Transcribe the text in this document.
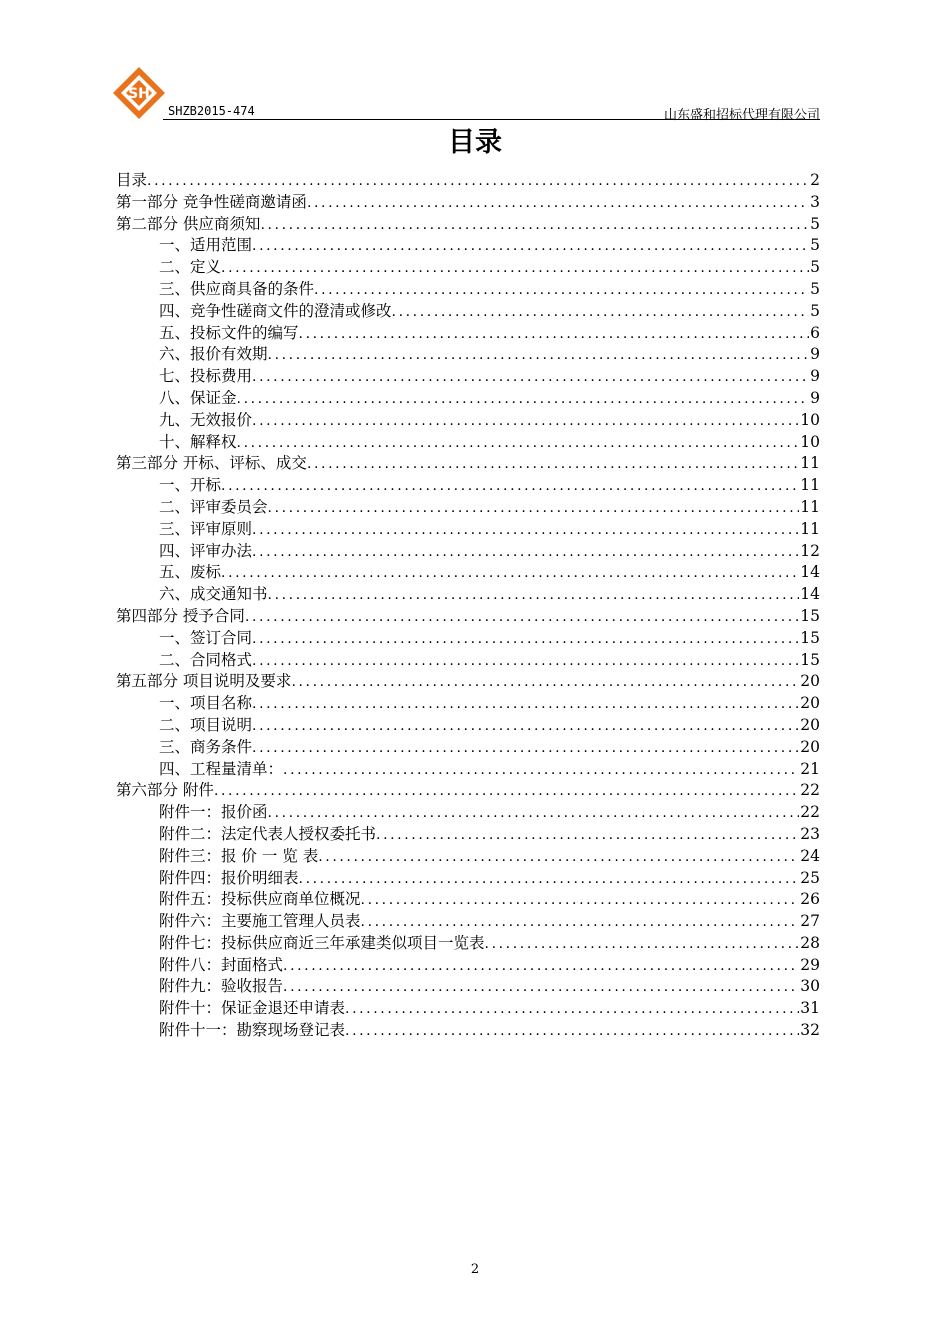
SH
SHZB2015-474	山东盛和招标代理有限公司
目录
目录 .....	2
第一部分 竞争性磋商邀请函 .....	3
第二部分 供应商须知 .....	5
一、适用范围 .....	5
二、定义 .....	5
三、供应商具备的条件 .....	5
四、竞争性磋商文件的澄清或修改 .....	5
五、投标文件的编写 .....	6
六、报价有效期 .....	9
七、投标费用 .....	9
八、保证金 .....	9
九、无效报价 .....	10
十、解释权 .....	10
第三部分 开标、评标、成交 .....	11
一、开标 .....	11
二、评审委员会 .....	11
三、评审原则 .....	11
四、评审办法 .....	12
五、废标 .....	14
六、成交通知书 .....	14
第四部分 授予合同 .....	15
一、签订合同 .....	15
二、合同格式 .....	15
第五部分 项目说明及要求 .....	20
一、项目名称 .....	20
二、项目说明 .....	20
三、商务条件 .....	20
四、工程量清单： .....	21
第六部分 附件 .....	22
附件一：报价函 .....	22
附件二：法定代表人授权委托书 .....	23
附件三：报 价 一 览 表 .....	24
附件四：报价明细表 .....	25
附件五：投标供应商单位概况 .....	26
附件六：主要施工管理人员表 .....	27
附件七：投标供应商近三年承建类似项目一览表 .....	28
附件八：封面格式 .....	29
附件九：验收报告 .....	30
附件十：保证金退还申请表 .....	31
附件十一：勘察现场登记表 .....	32
2
